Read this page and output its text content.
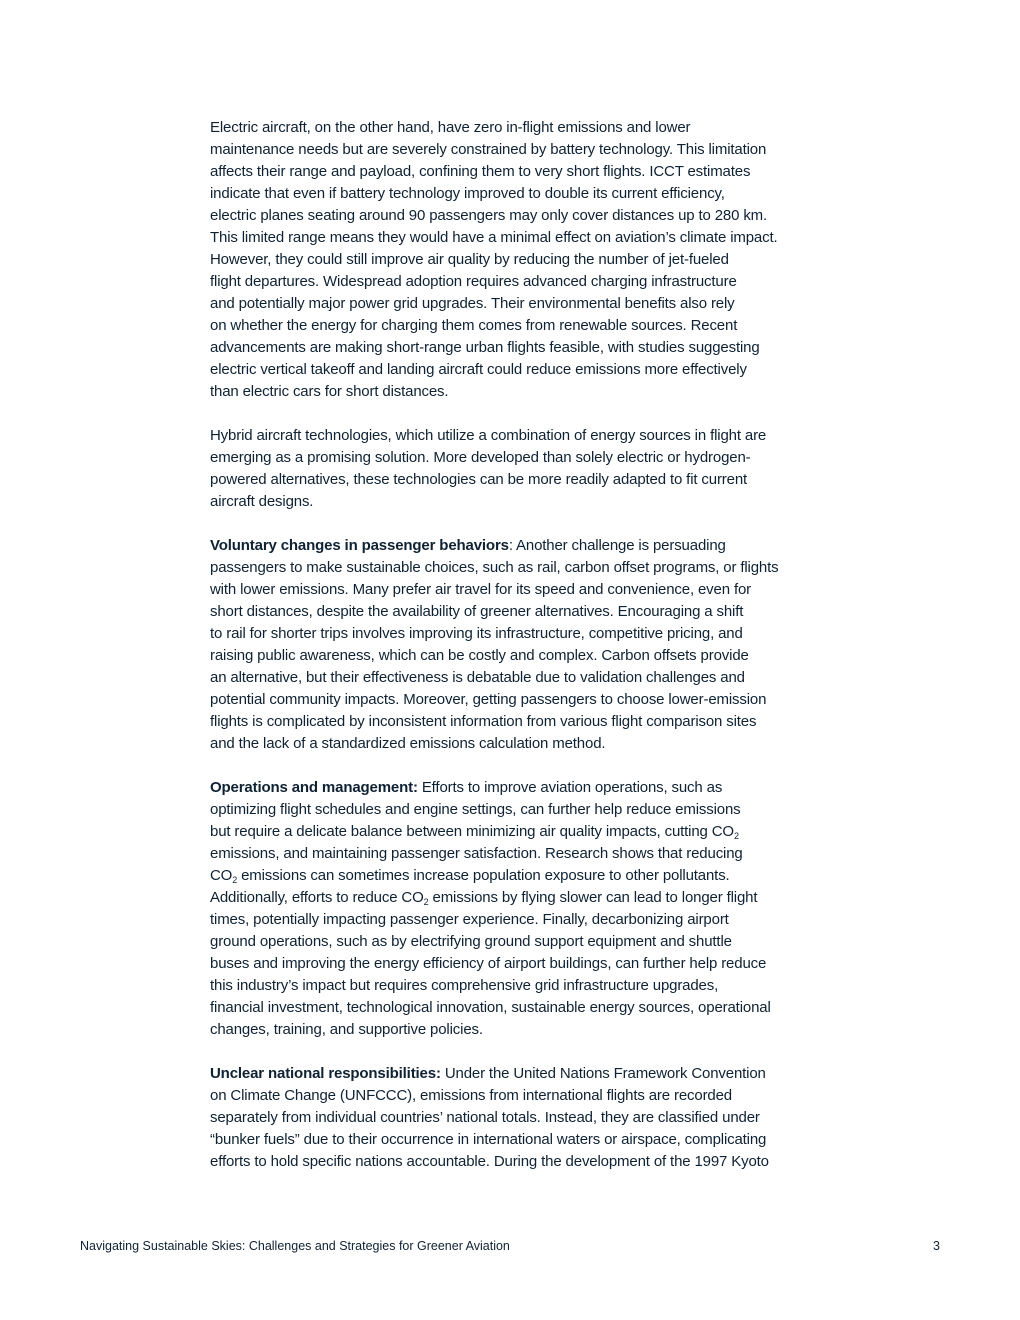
Electric aircraft, on the other hand, have zero in-flight emissions and lower
maintenance needs but are severely constrained by battery technology. This limitation
affects their range and payload, confining them to very short flights. ICCT estimates
indicate that even if battery technology improved to double its current efficiency,
electric planes seating around 90 passengers may only cover distances up to 280 km.
This limited range means they would have a minimal effect on aviation’s climate impact.
However, they could still improve air quality by reducing the number of jet-fueled
flight departures. Widespread adoption requires advanced charging infrastructure
and potentially major power grid upgrades. Their environmental benefits also rely
on whether the energy for charging them comes from renewable sources. Recent
advancements are making short-range urban flights feasible, with studies suggesting
electric vertical takeoff and landing aircraft could reduce emissions more effectively
than electric cars for short distances.

Hybrid aircraft technologies, which utilize a combination of energy sources in flight are
emerging as a promising solution. More developed than solely electric or hydrogen-
powered alternatives, these technologies can be more readily adapted to fit current
aircraft designs.

Voluntary changes in passenger behaviors: Another challenge is persuading
passengers to make sustainable choices, such as rail, carbon offset programs, or flights
with lower emissions. Many prefer air travel for its speed and convenience, even for
short distances, despite the availability of greener alternatives. Encouraging a shift
to rail for shorter trips involves improving its infrastructure, competitive pricing, and
raising public awareness, which can be costly and complex. Carbon offsets provide
an alternative, but their effectiveness is debatable due to validation challenges and
potential community impacts. Moreover, getting passengers to choose lower-emission
flights is complicated by inconsistent information from various flight comparison sites
and the lack of a standardized emissions calculation method.

Operations and management: Efforts to improve aviation operations, such as
optimizing flight schedules and engine settings, can further help reduce emissions
but require a delicate balance between minimizing air quality impacts, cutting $CO_2$
emissions, and maintaining passenger satisfaction. Research shows that reducing
$CO_2$ emissions can sometimes increase population exposure to other pollutants.
Additionally, efforts to reduce $CO_2$ emissions by flying slower can lead to longer flight
times, potentially impacting passenger experience. Finally, decarbonizing airport
ground operations, such as by electrifying ground support equipment and shuttle
buses and improving the energy efficiency of airport buildings, can further help reduce
this industry’s impact but requires comprehensive grid infrastructure upgrades,
financial investment, technological innovation, sustainable energy sources, operational
changes, training, and supportive policies.

Unclear national responsibilities: Under the United Nations Framework Convention
on Climate Change (UNFCCC), emissions from international flights are recorded
separately from individual countries’ national totals. Instead, they are classified under
“bunker fuels” due to their occurrence in international waters or airspace, complicating
efforts to hold specific nations accountable. During the development of the 1997 Kyoto

Navigating Sustainable Skies: Challenges and Strategies for Greener Aviation	3
